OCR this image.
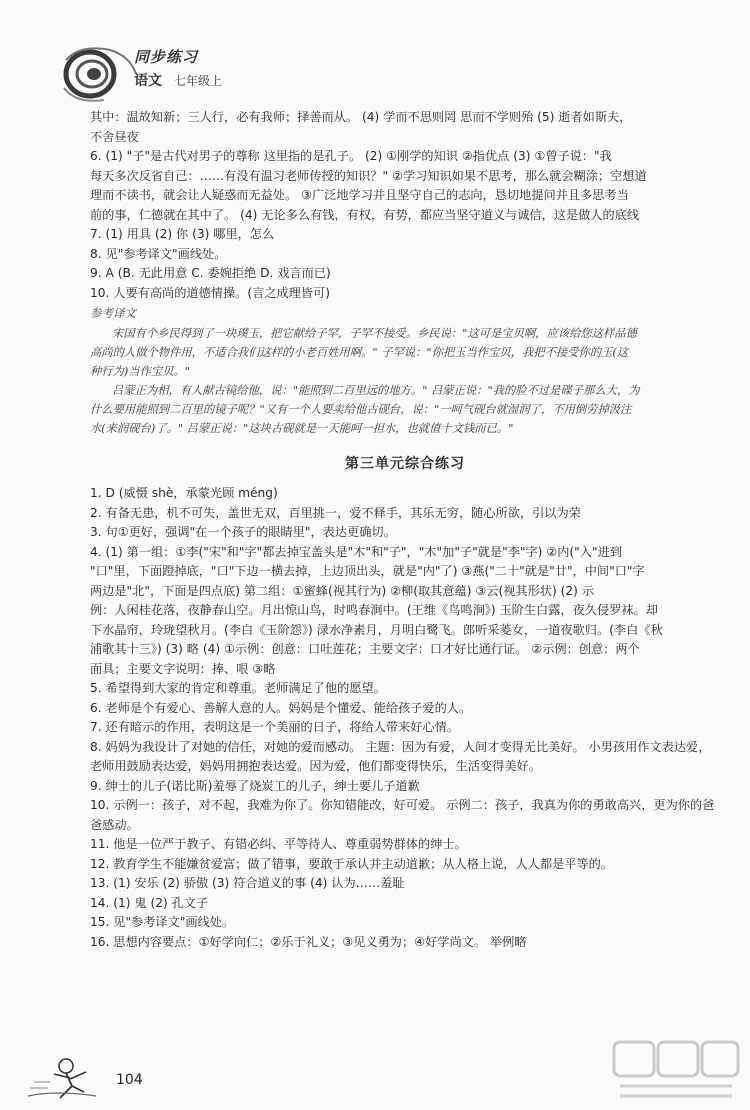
同步练习
语文 七年级上
其中：温故知新；三人行，必有我师；择善而从。 (4) 学而不思则罔 思而不学则殆 (5) 逝者如斯夫，
不舍昼夜
6. (1) "子"是古代对男子的尊称 这里指的是孔子。 (2) ①刚学的知识 ②指优点 (3) ①曾子说："我
每天多次反省自己：……有没有温习老师传授的知识？" ②学习知识如果不思考，那么就会糊涂；空想道
理而不读书，就会让人疑惑而无益处。 ③广泛地学习并且坚守自己的志向，恳切地提问并且多思考当
前的事，仁德就在其中了。 (4) 无论多么有钱，有权，有势，都应当坚守道义与诚信，这是做人的底线
7. (1) 用具 (2) 你 (3) 哪里，怎么
8. 见"参考译文"画线处。
9. A (B. 无此用意 C. 委婉拒绝 D. 戏言而已)
10. 人要有高尚的道德情操。(言之成理皆可)
参考译文
宋国有个乡民得到了一块璞玉，把它献给子罕，子罕不接受。乡民说："这可是宝贝啊，应该给您这样品德
高尚的人做个物件用，不适合我们这样的小老百姓用啊。" 子罕说："你把玉当作宝贝，我把不接受你的玉(这
种行为)当作宝贝。"
吕蒙正为相，有人献古镜给他，说："能照到二百里远的地方。" 吕蒙正说："我的脸不过是碟子那么大，为
什么要用能照到二百里的镜子呢？"又有一个人要卖给他古砚台，说："一呵气砚台就湿润了，不用倒劳掉汲注
水(来润砚台)了。" 吕蒙正说："这块古砚就是一天能呵一担水，也就值十文钱而已。"
第三单元综合练习
1. D (威慑 shè，承蒙光顾 méng)
2. 有备无患，机不可失，盖世无双，百里挑一，爱不释手，其乐无穷，随心所欲，引以为荣
3. 句①更好，强调"在一个孩子的眼睛里"，表达更确切。
4. (1) 第一组：①李("宋"和"字"都去掉宝盖头是"木"和"子"，"木"加"子"就是"李"字) ②内("入"进到
"口"里，下面蹬掉底，"口"下边一横去掉，上边顶出头，就是"内"了) ③燕("二十"就是"廿"，中间"口"字
两边是"北"，下面是四点底) 第二组：①蜜蜂(视其行为) ②柳(取其意蕴) ③云(视其形状) (2) 示
例：人闲桂花落，夜静春山空。月出惊山鸟，时鸣春涧中。(王维《鸟鸣涧》) 玉阶生白露，夜久侵罗袜。却
下水晶帘，玲珑望秋月。(李白《玉阶怨》) 渌水净素月，月明白鹭飞。郎听采菱女，一道夜歌归。(李白《秋
浦歌其十三》) (3) 略 (4) ①示例：创意：口吐莲花；主要文字：口才好比通行证。 ②示例：创意：两个
面具；主要文字说明：捧、哏 ③略
5. 希望得到大家的肯定和尊重。老师满足了他的愿望。
6. 老师是个有爱心、善解人意的人。妈妈是个懂爱、能给孩子爱的人。
7. 还有暗示的作用，表明这是一个美丽的日子，将给人带来好心情。
8. 妈妈为我设计了对她的信任，对她的爱而感动。 主题：因为有爱，人间才变得无比美好。 小男孩用作文表达爱，
老师用鼓励表达爱，妈妈用拥抱表达爱。因为爱，他们都变得快乐，生活变得美好。
9. 绅士的儿子(诺比斯)羞辱了烧炭工的儿子，绅士要儿子道歉
10. 示例一：孩子，对不起，我难为你了。你知错能改，好可爱。 示例二：孩子，我真为你的勇敢高兴，更为你的爸
爸感动。
11. 他是一位严于教子、有错必纠、平等待人、尊重弱势群体的绅士。
12. 教育学生不能嫌贫爱富；做了错事，要敢于承认并主动道歉；从人格上说，人人都是平等的。
13. (1) 安乐 (2) 骄傲 (3) 符合道义的事 (4) 认为……羞耻
14. (1) 鬼 (2) 孔文子
15. 见"参考译文"画线处。
16. 思想内容要点：①好学向仁；②乐于礼义；③见义勇为；④好学尚文。 举例略
104
